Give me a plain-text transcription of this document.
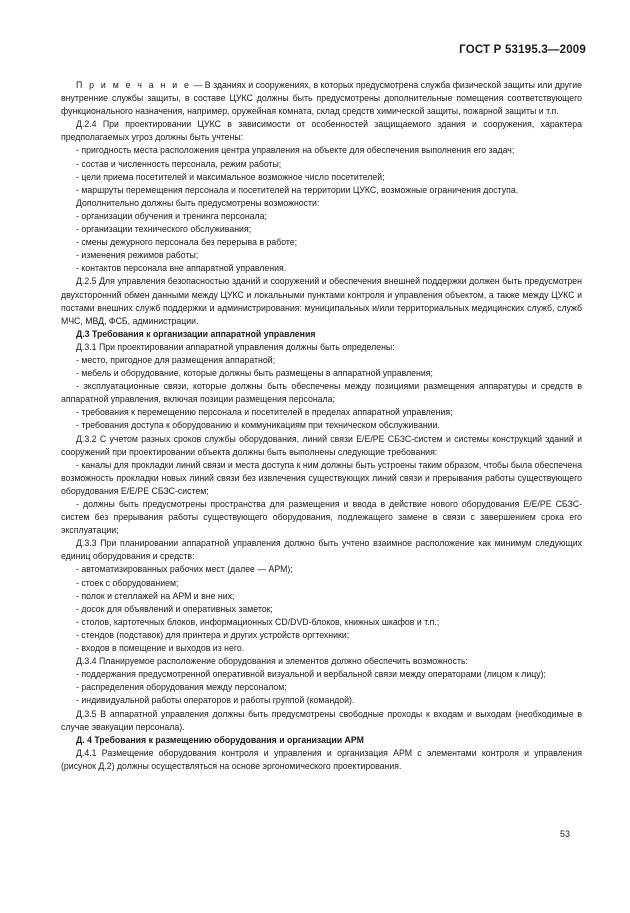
ГОСТ Р 53195.3—2009

П р и м е ч а н и е — В зданиях и сооружениях, в которых предусмотрена служба физической защиты или другие внутренние службы защиты, в составе ЦУКС должны быть предусмотрены дополнительные помещения соответствующего функционального назначения, например, оружейная комната, склад средств химической защиты, пожарной защиты и т.п.

Д.2.4 При проектировании ЦУКС в зависимости от особенностей защищаемого здания и сооружения, характера предполагаемых угроз должны быть учтены:

- пригодность места расположения центра управления на объекте для обеспечения выполнения его задач;

- состав и численность персонала, режим работы;

- цели приема посетителей и максимальное возможное число посетителей;

- маршруты перемещения персонала и посетителей на территории ЦУКС, возможные ограничения доступа.

Дополнительно должны быть предусмотрены возможности:

- организации обучения и тренинга персонала;

- организации технического обслуживания;

- смены дежурного персонала без перерыва в работе;

- изменения режимов работы;

- контактов персонала вне аппаратной управления.

Д.2.5 Для управления безопасностью зданий и сооружений и обеспечения внешней поддержки должен быть предусмотрен двухсторонний обмен данными между ЦУКС и локальными пунктами контроля и управления объектом, а также между ЦУКС и постами внешних служб поддержки и администрирования: муниципальных и/или территориальных медицинских служб, служб МЧС, МВД, ФСБ, администрации.

Д.3 Требования к организации аппаратной управления

Д.3.1 При проектировании аппаратной управления должны быть определены:

- место, пригодное для размещения аппаратной;

- мебель и оборудование, которые должны быть размещены в аппаратной управления;

- эксплуатационные связи, которые должны быть обеспечены между позициями размещения аппаратуры и средств в аппаратной управления, включая позиции размещения персонала;

- требования к перемещению персонала и посетителей в пределах аппаратной управления;

- требования доступа к оборудованию и коммуникациям при техническом обслуживании.

Д.3.2 С учетом разных сроков службы оборудования, линий связи Е/Е/РЕ СБЗС-систем и системы конструкций зданий и сооружений при проектировании объекта должны быть выполнены следующие требования:

- каналы для прокладки линий связи и места доступа к ним должны быть устроены таким образом, чтобы была обеспечена возможность прокладки новых линий связи без извлечения существующих линий связи и прерывания работы существующего оборудования Е/Е/РЕ СБЗС-систем;

- должны быть предусмотрены пространства для размещения и ввода в действие нового оборудования Е/Е/РЕ СБЗС-систем без прерывания работы существующего оборудования, подлежащего замене в связи с завершением срока его эксплуатации;

Д.3.3 При планировании аппаратной управления должно быть учтено взаимное расположение как минимум следующих единиц оборудования и средств:

- автоматизированных рабочих мест (далее — АРМ);

- стоек с оборудованием;

- полок и стеллажей на АРМ и вне них;

- досок для объявлений и оперативных заметок;

- столов, картотечных блоков, информационных CD/DVD-блоков, книжных шкафов и т.п.;

- стендов (подставок) для принтера и других устройств оргтехники;

- входов в помещение и выходов из него.

Д.3.4 Планируемое расположение оборудования и элементов должно обеспечить возможность:

- поддержания предусмотренной оперативной визуальной и вербальной связи между операторами (лицом к лицу);

- распределения оборудования между персоналом;

- индивидуальной работы операторов и работы группой (командой).

Д.3.5 В аппаратной управления должны быть предусмотрены свободные проходы к входам и выходам (необходимые в случае эвакуации персонала).

Д. 4 Требования к размещению оборудования и организации АРМ

Д.4.1 Размещение оборудования контроля и управления и организация АРМ с элементами контроля и управления (рисунок Д.2) должны осуществляться на основе эргономического проектирования.

53
